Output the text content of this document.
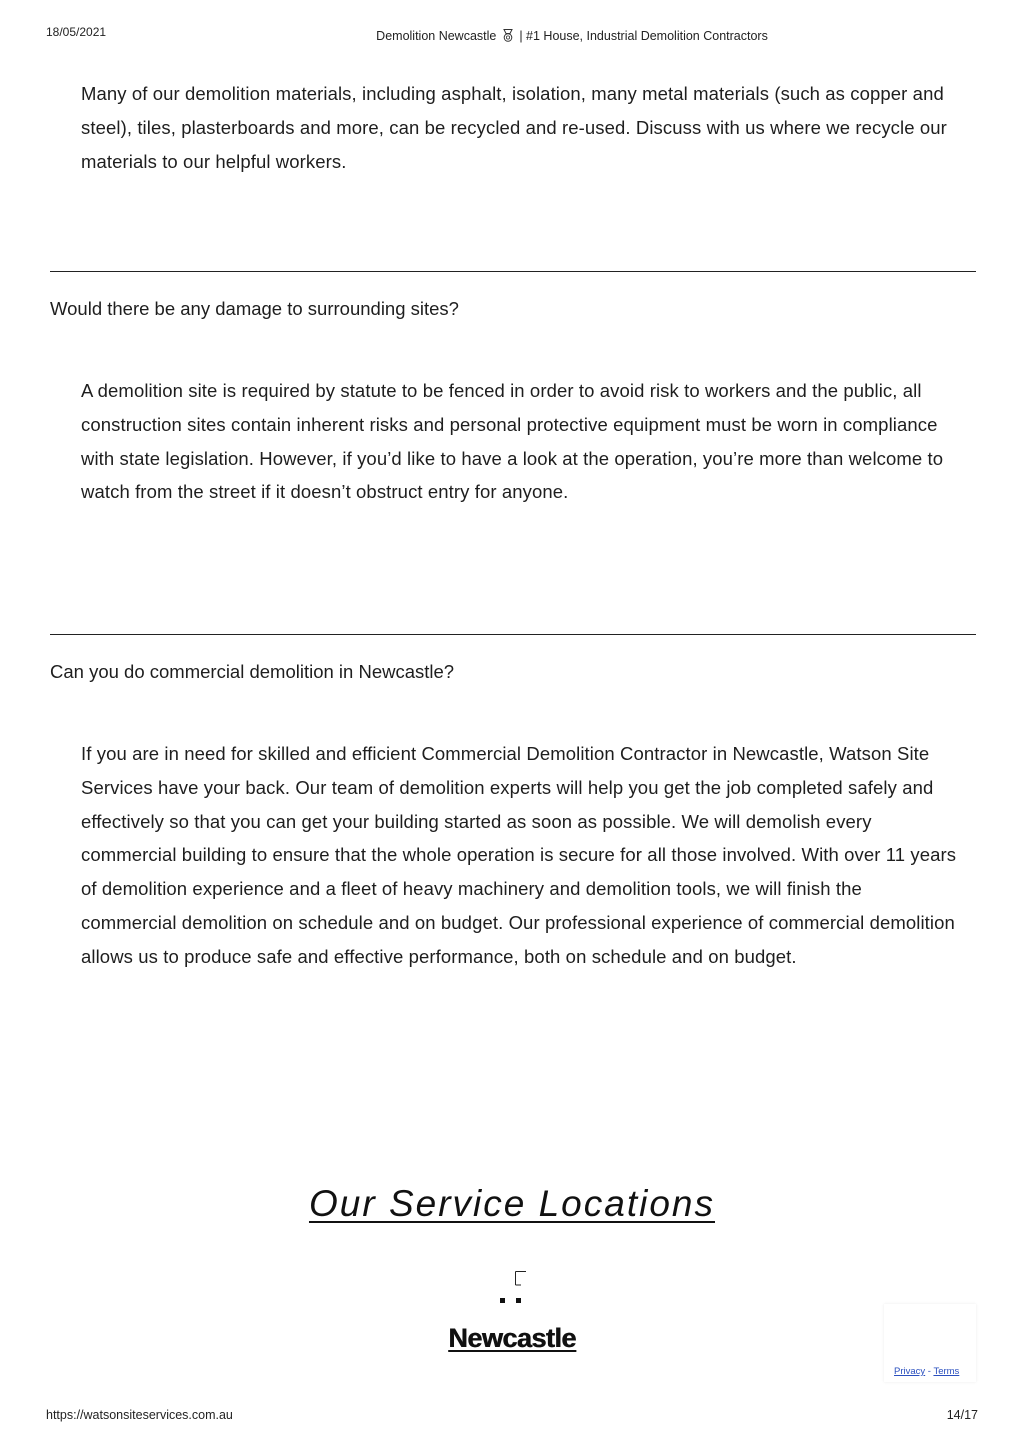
18/05/2021	Demolition Newcastle | #1 House, Industrial Demolition Contractors

Many of our demolition materials, including asphalt, isolation, many metal materials (such as copper and steel), tiles, plasterboards and more, can be recycled and re-used. Discuss with us where we recycle our materials to our helpful workers.

Would there be any damage to surrounding sites?

A demolition site is required by statute to be fenced in order to avoid risk to workers and the public, all construction sites contain inherent risks and personal protective equipment must be worn in compliance with state legislation. However, if you’d like to have a look at the operation, you’re more than welcome to watch from the street if it doesn’t obstruct entry for anyone.

Can you do commercial demolition in Newcastle?

If you are in need for skilled and efficient Commercial Demolition Contractor in Newcastle, Watson Site Services have your back. Our team of demolition experts will help you get the job completed safely and effectively so that you can get your building started as soon as possible. We will demolish every commercial building to ensure that the whole operation is secure for all those involved. With over 11 years of demolition experience and a fleet of heavy machinery and demolition tools, we will finish the commercial demolition on schedule and on budget. Our professional experience of commercial demolition allows us to produce safe and effective performance, both on schedule and on budget.

Our Service Locations
Newcastle
Privacy - Terms
https://watsonsiteservices.com.au	14/17
